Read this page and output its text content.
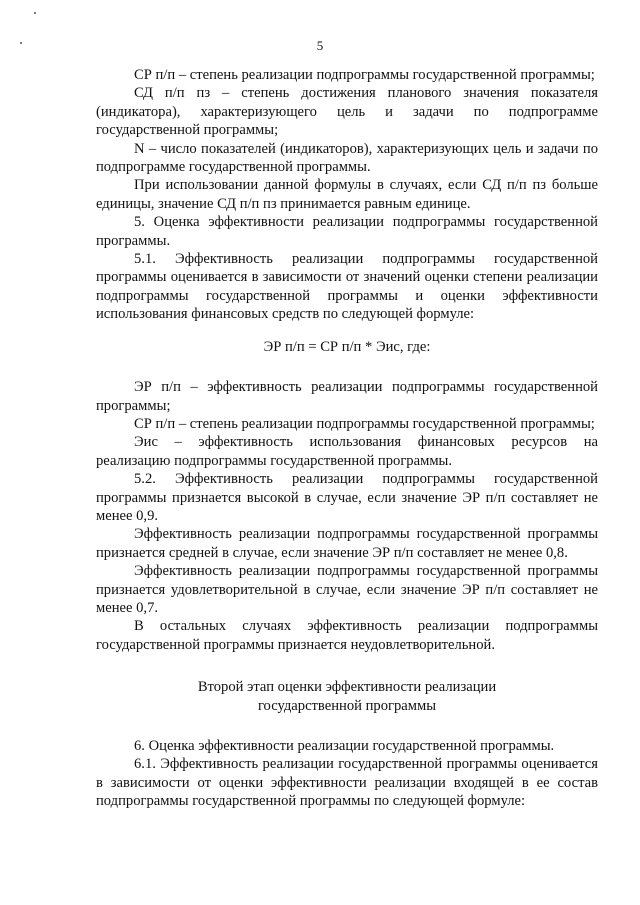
5

СР п/п – степень реализации подпрограммы государственной программы;

СД п/п пз – степень достижения планового значения показателя (индикатора), характеризующего цель и задачи по подпрограмме государственной программы;

N – число показателей (индикаторов), характеризующих цель и задачи по подпрограмме государственной программы.

При использовании данной формулы в случаях, если СД п/п пз больше единицы, значение СД п/п пз принимается равным единице.

5. Оценка эффективности реализации подпрограммы государственной программы.

5.1. Эффективность реализации подпрограммы государственной программы оценивается в зависимости от значений оценки степени реализации подпрограммы государственной программы и оценки эффективности использования финансовых средств по следующей формуле:

ЭР п/п = СР п/п * Эис, где:

ЭР п/п – эффективность реализации подпрограммы государственной программы;

СР п/п – степень реализации подпрограммы государственной программы;

Эис – эффективность использования финансовых ресурсов на реализацию подпрограммы государственной программы.

5.2. Эффективность реализации подпрограммы государственной программы признается высокой в случае, если значение ЭР п/п составляет не менее 0,9.

Эффективность реализации подпрограммы государственной программы признается средней в случае, если значение ЭР п/п составляет не менее 0,8.

Эффективность реализации подпрограммы государственной программы признается удовлетворительной в случае, если значение ЭР п/п составляет не менее 0,7.

В остальных случаях эффективность реализации подпрограммы государственной программы признается неудовлетворительной.

Второй этап оценки эффективности реализации
государственной программы

6. Оценка эффективности реализации государственной программы.

6.1. Эффективность реализации государственной программы оценивается в зависимости от оценки эффективности реализации входящей в ее состав подпрограммы государственной программы по следующей формуле:
